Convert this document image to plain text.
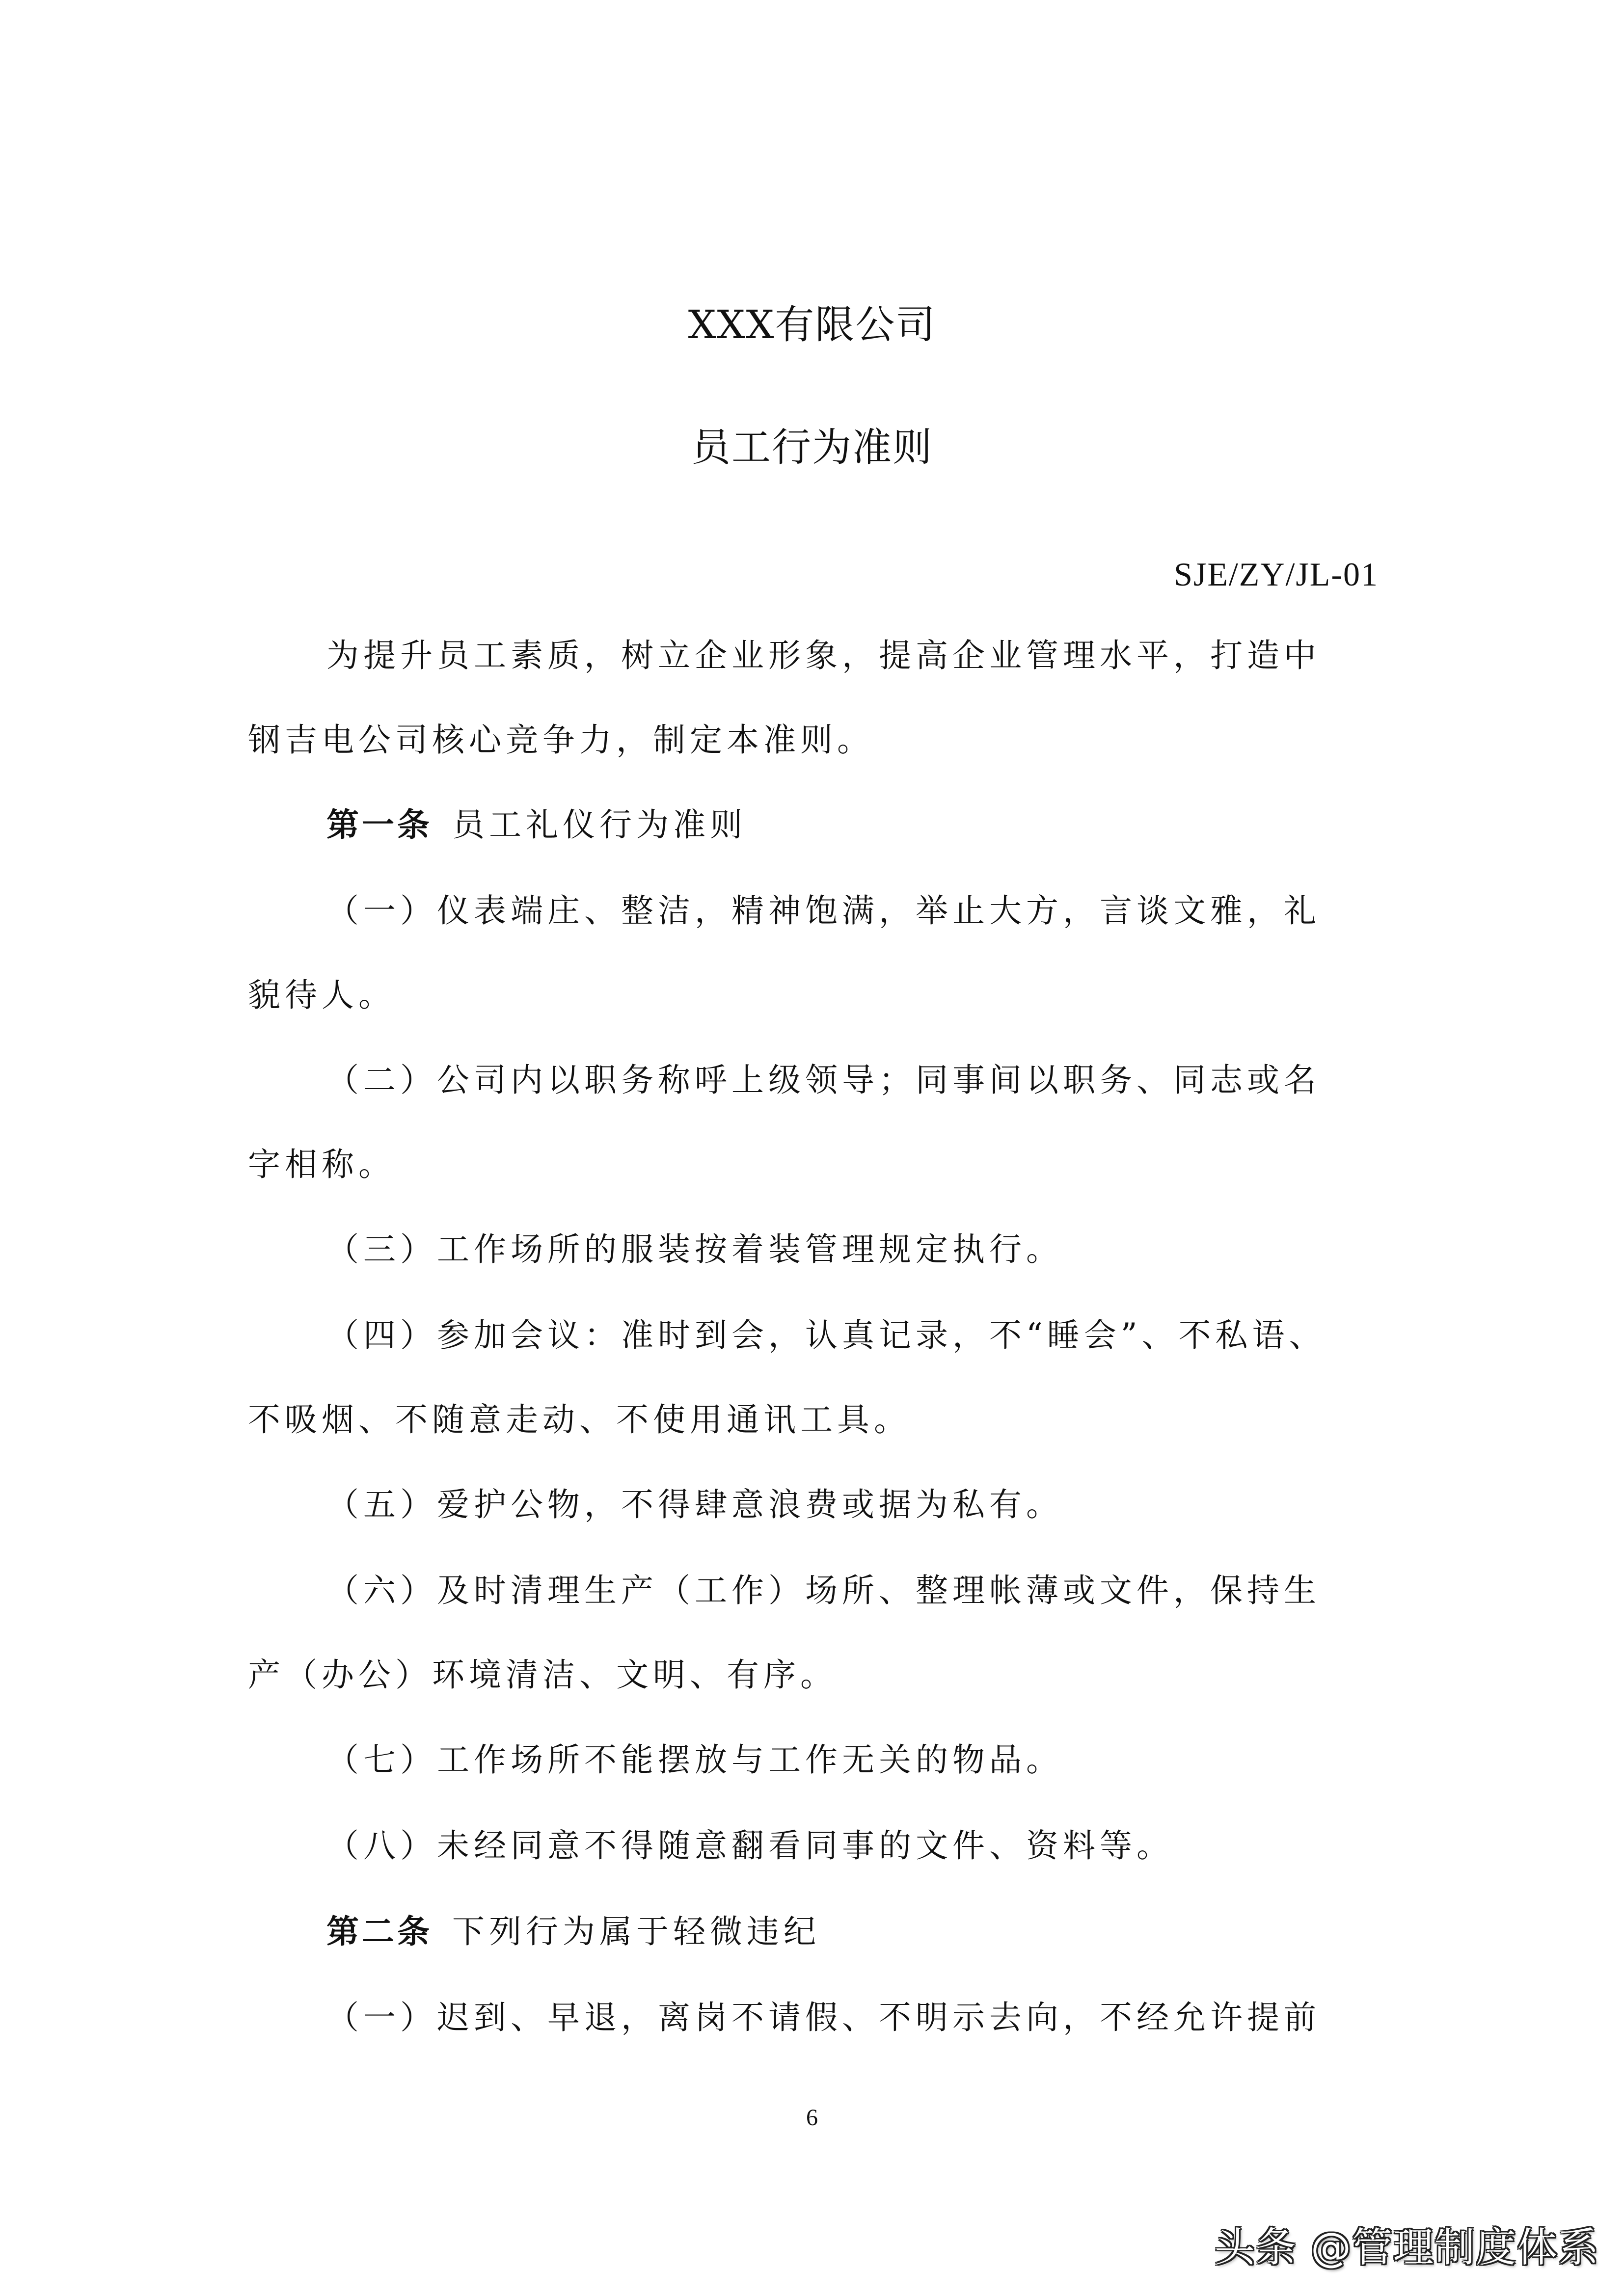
XXX有限公司
员工行为准则
SJE/ZY/JL-01
为提升员工素质，树立企业形象，提高企业管理水平，打造中
钢吉电公司核心竞争力，制定本准则。
第一条 员工礼仪行为准则
（一）仪表端庄、整洁，精神饱满，举止大方，言谈文雅，礼
貌待人。
（二）公司内以职务称呼上级领导；同事间以职务、同志或名
字相称。
（三）工作场所的服装按着装管理规定执行。
（四）参加会议：准时到会，认真记录，不“睡会”、不私语、
不吸烟、不随意走动、不使用通讯工具。
（五）爱护公物，不得肆意浪费或据为私有。
（六）及时清理生产（工作）场所、整理帐薄或文件，保持生
产（办公）环境清洁、文明、有序。
（七）工作场所不能摆放与工作无关的物品。
（八）未经同意不得随意翻看同事的文件、资料等。
第二条 下列行为属于轻微违纪
（一）迟到、早退，离岗不请假、不明示去向，不经允许提前
6
头条 @管理制度体系
